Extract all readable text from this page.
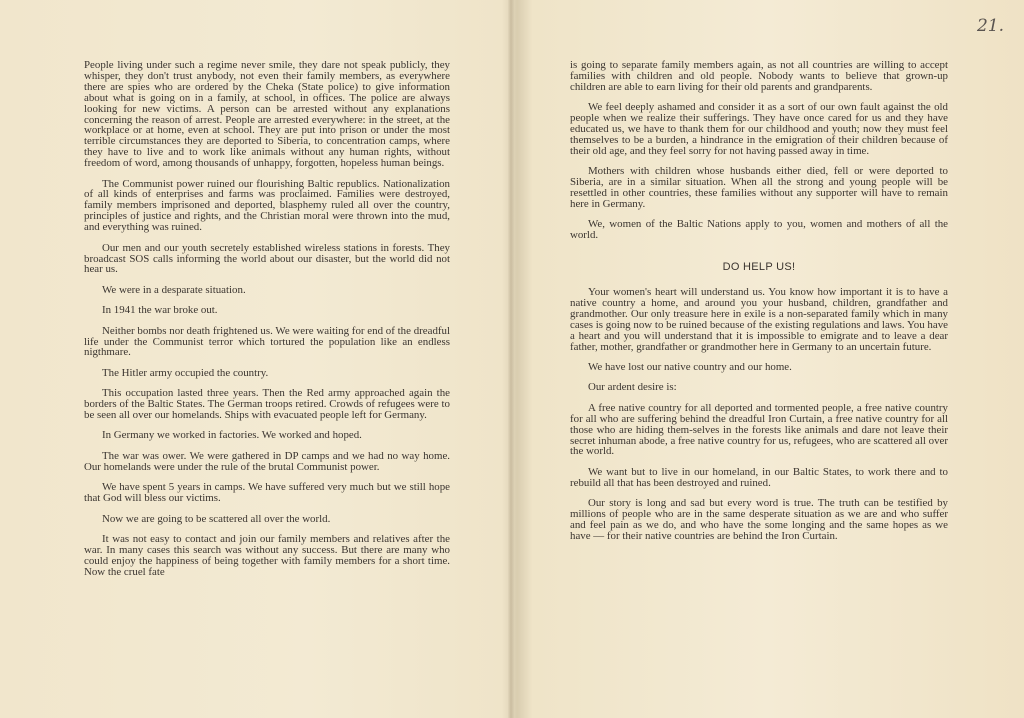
People living under such a regime never smile, they dare not speak publicly, they whisper, they don't trust anybody, not even their family members, as everywhere there are spies who are ordered by the Cheka (State police) to give information about what is going on in a family, at school, in offices. The police are always looking for new victims. A person can be arrested without any explanations concerning the reason of arrest. People are arrested everywhere: in the street, at the workplace or at home, even at school. They are put into prison or under the most terrible circumstances they are deported to Siberia, to concentration camps, where they have to live and to work like animals without any human rights, without freedom of word, among thousands of unhappy, forgotten, hopeless human beings.

The Communist power ruined our flourishing Baltic republics. Nationalization of all kinds of enterprises and farms was proclaimed. Families were destroyed, family members imprisoned and deported, blasphemy ruled all over the country, principles of justice and rights, and the Christian moral were thrown into the mud, and everything was ruined.

Our men and our youth secretely established wireless stations in forests. They broadcast SOS calls informing the world about our disaster, but the world did not hear us.

We were in a desparate situation.

In 1941 the war broke out.

Neither bombs nor death frightened us. We were waiting for end of the dreadful life under the Communist terror which tortured the population like an endless nigthmare.

The Hitler army occupied the country.

This occupation lasted three years. Then the Red army approached again the borders of the Baltic States. The German troops retired. Crowds of refugees were to be seen all over our homelands. Ships with evacuated people left for Germany.

In Germany we worked in factories. We worked and hoped.

The war was ower. We were gathered in DP camps and we had no way home. Our homelands were under the rule of the brutal Communist power.

We have spent 5 years in camps. We have suffered very much but we still hope that God will bless our victims.

Now we are going to be scattered all over the world.

It was not easy to contact and join our family members and relatives after the war. In many cases this search was without any success. But there are many who could enjoy the happiness of being together with family members for a short time. Now the cruel fate

21.

is going to separate family members again, as not all countries are willing to accept families with children and old people. Nobody wants to believe that grown-up children are able to earn living for their old parents and grandparents.

We feel deeply ashamed and consider it as a sort of our own fault against the old people when we realize their sufferings. They have once cared for us and they have educated us, we have to thank them for our childhood and youth; now they must feel themselves to be a burden, a hindrance in the emigration of their children because of their old age, and they feel sorry for not having passed away in time.

Mothers with children whose husbands either died, fell or were deported to Siberia, are in a similar situation. When all the strong and young people will be resettled in other countries, these families without any supporter will have to remain here in Germany.

We, women of the Baltic Nations apply to you, women and mothers of all the world.

DO HELP US!

Your women's heart will understand us. You know how important it is to have a native country a home, and around you your husband, children, grandfather and grandmother. Our only treasure here in exile is a non-separated family which in many cases is going now to be ruined because of the existing regulations and laws. You have a heart and you will understand that it is impossible to emigrate and to leave a dear father, mother, grandfather or grandmother here in Germany to an uncertain future.

We have lost our native country and our home.

Our ardent desire is:

A free native country for all deported and tormented people, a free native country for all who are suffering behind the dreadful Iron Curtain, a free native country for all those who are hiding them-selves in the forests like animals and dare not leave their secret inhuman abode, a free native country for us, refugees, who are scattered all over the world.

We want but to live in our homeland, in our Baltic States, to work there and to rebuild all that has been destroyed and ruined.

Our story is long and sad but every word is true. The truth can be testified by millions of people who are in the same desperate situation as we are and who suffer and feel pain as we do, and who have the some longing and the same hopes as we have — for their native countries are behind the Iron Curtain.
